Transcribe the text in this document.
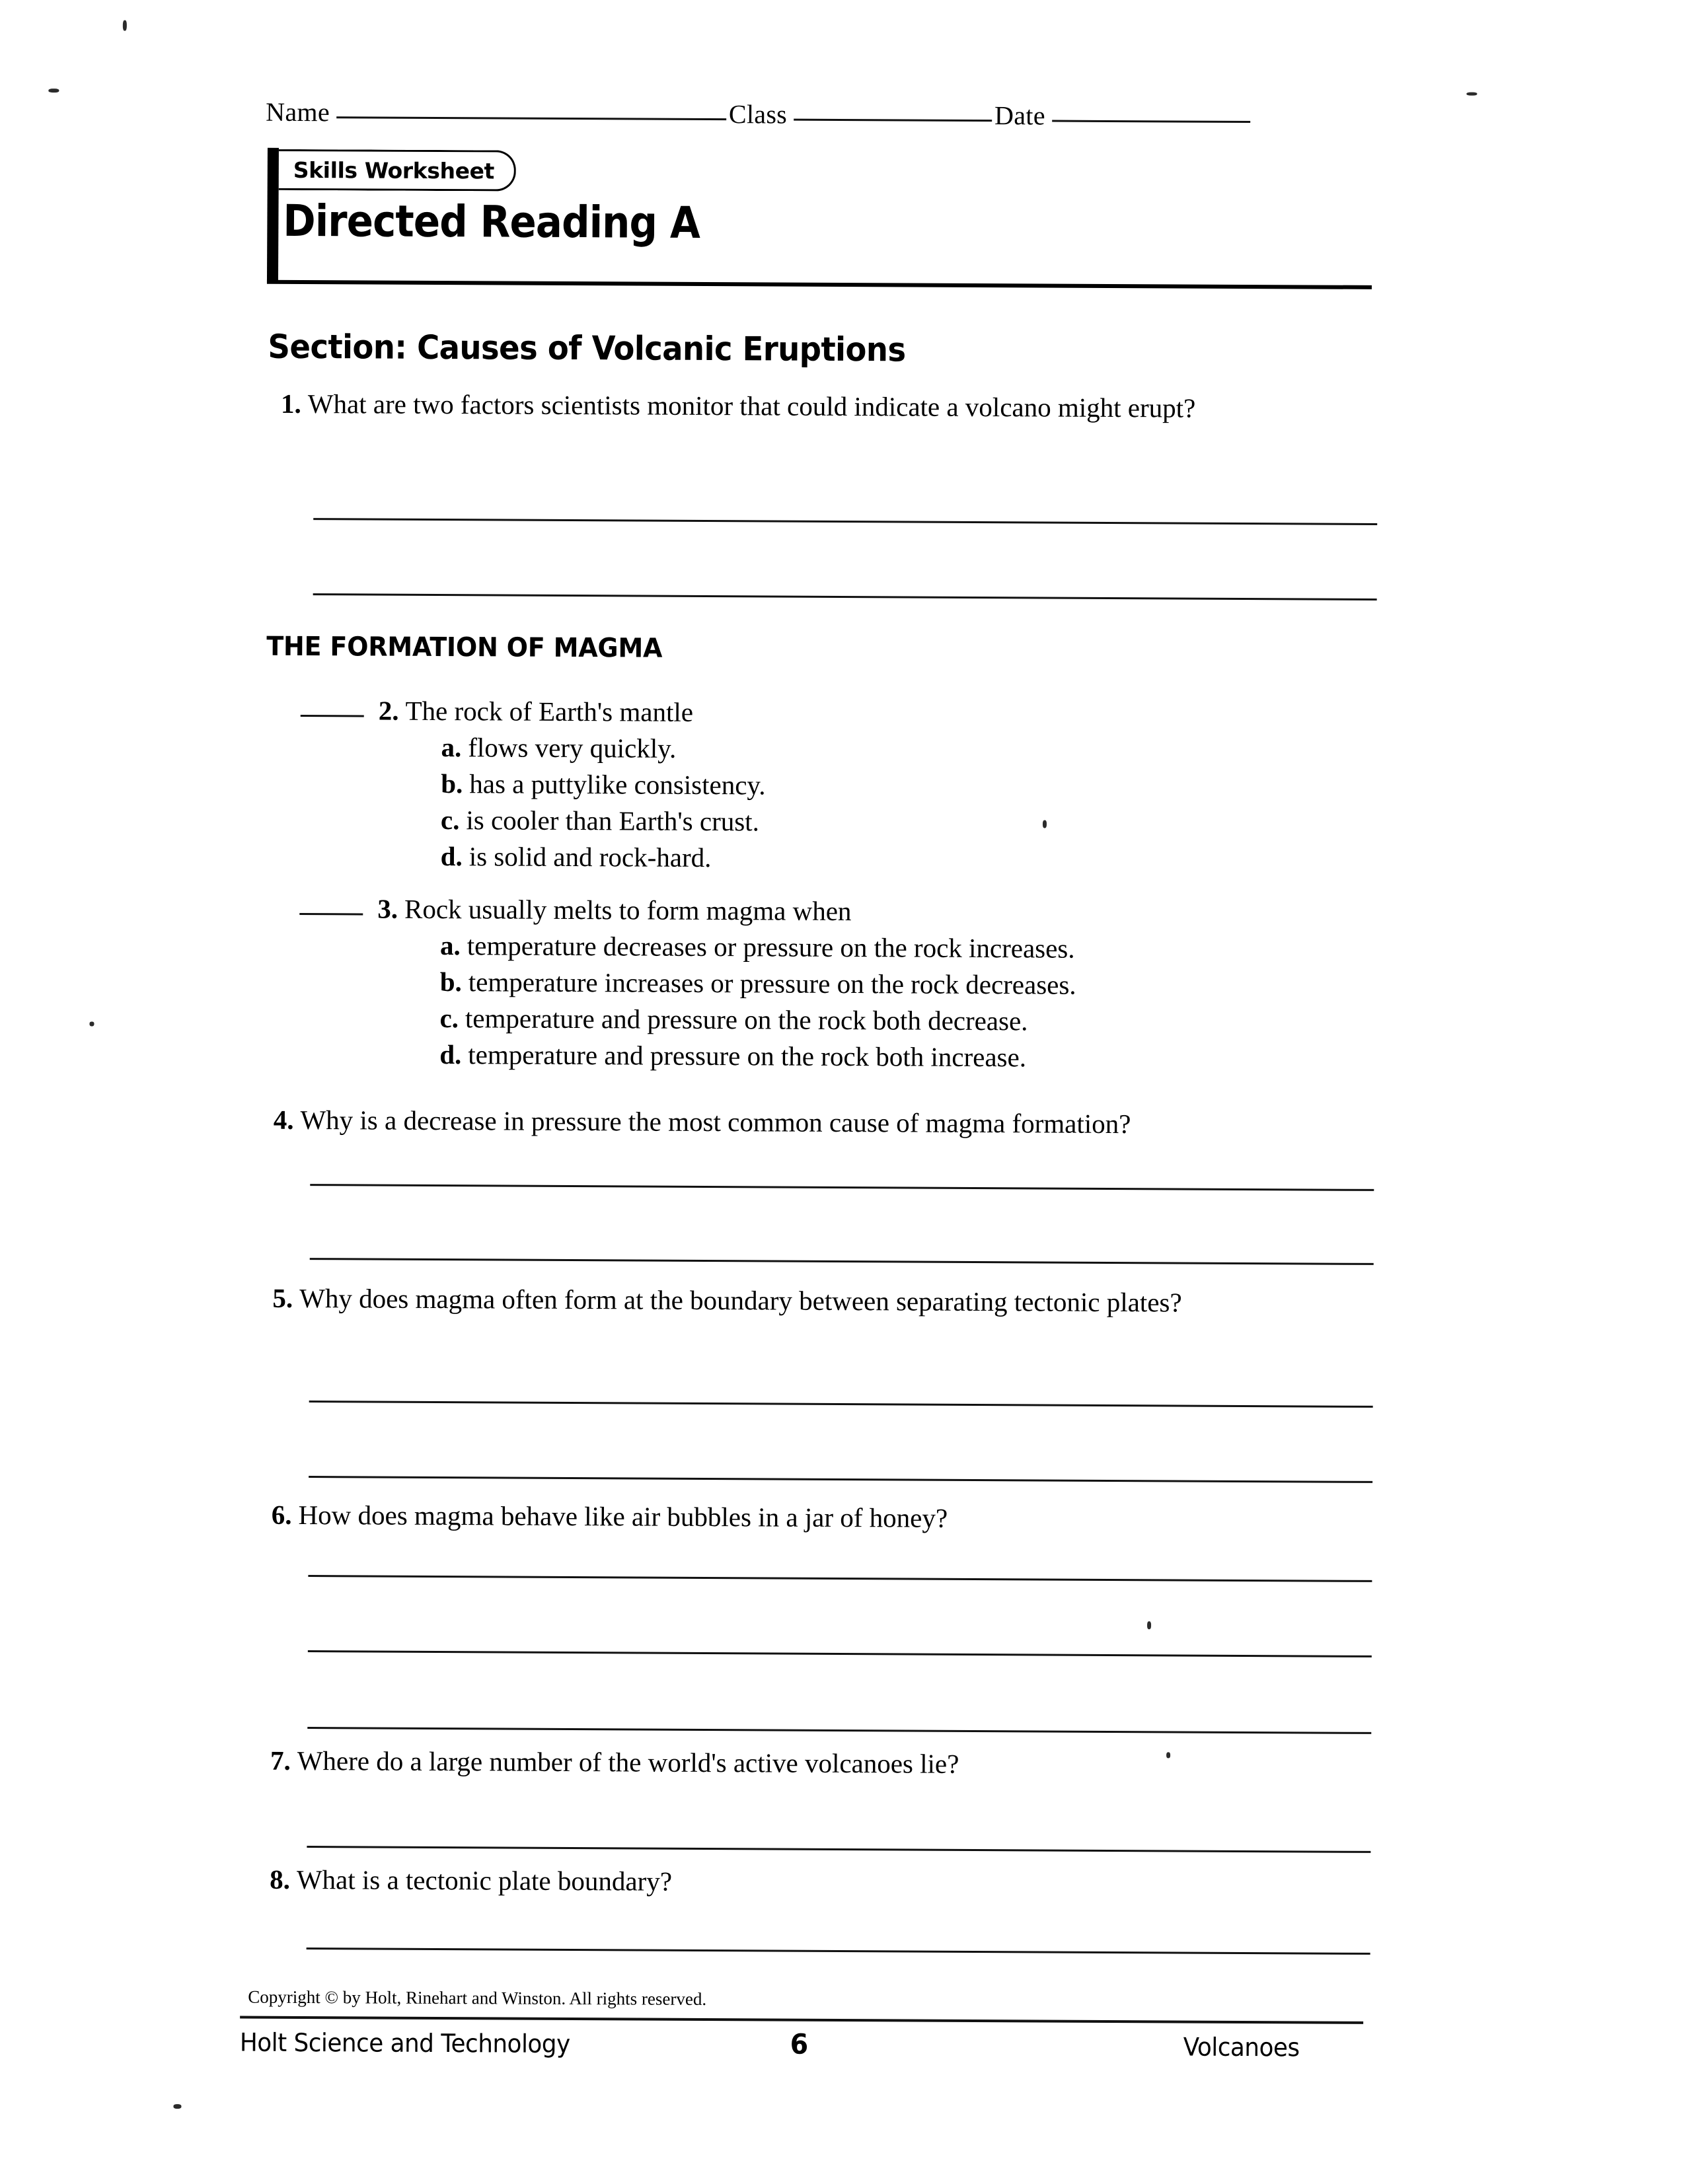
Name	Class	Date
Skills Worksheet
Directed Reading A
Section: Causes of Volcanic Eruptions
1. What are two factors scientists monitor that could indicate a volcano might erupt?
THE FORMATION OF MAGMA
2. The rock of Earth's mantle
a. flows very quickly.
b. has a puttylike consistency.
c. is cooler than Earth's crust.
d. is solid and rock-hard.
3. Rock usually melts to form magma when
a. temperature decreases or pressure on the rock increases.
b. temperature increases or pressure on the rock decreases.
c. temperature and pressure on the rock both decrease.
d. temperature and pressure on the rock both increase.
4. Why is a decrease in pressure the most common cause of magma formation?
5. Why does magma often form at the boundary between separating tectonic plates?
6. How does magma behave like air bubbles in a jar of honey?
7. Where do a large number of the world's active volcanoes lie?
8. What is a tectonic plate boundary?
Copyright © by Holt, Rinehart and Winston. All rights reserved.
Holt Science and Technology	6	Volcanoes
